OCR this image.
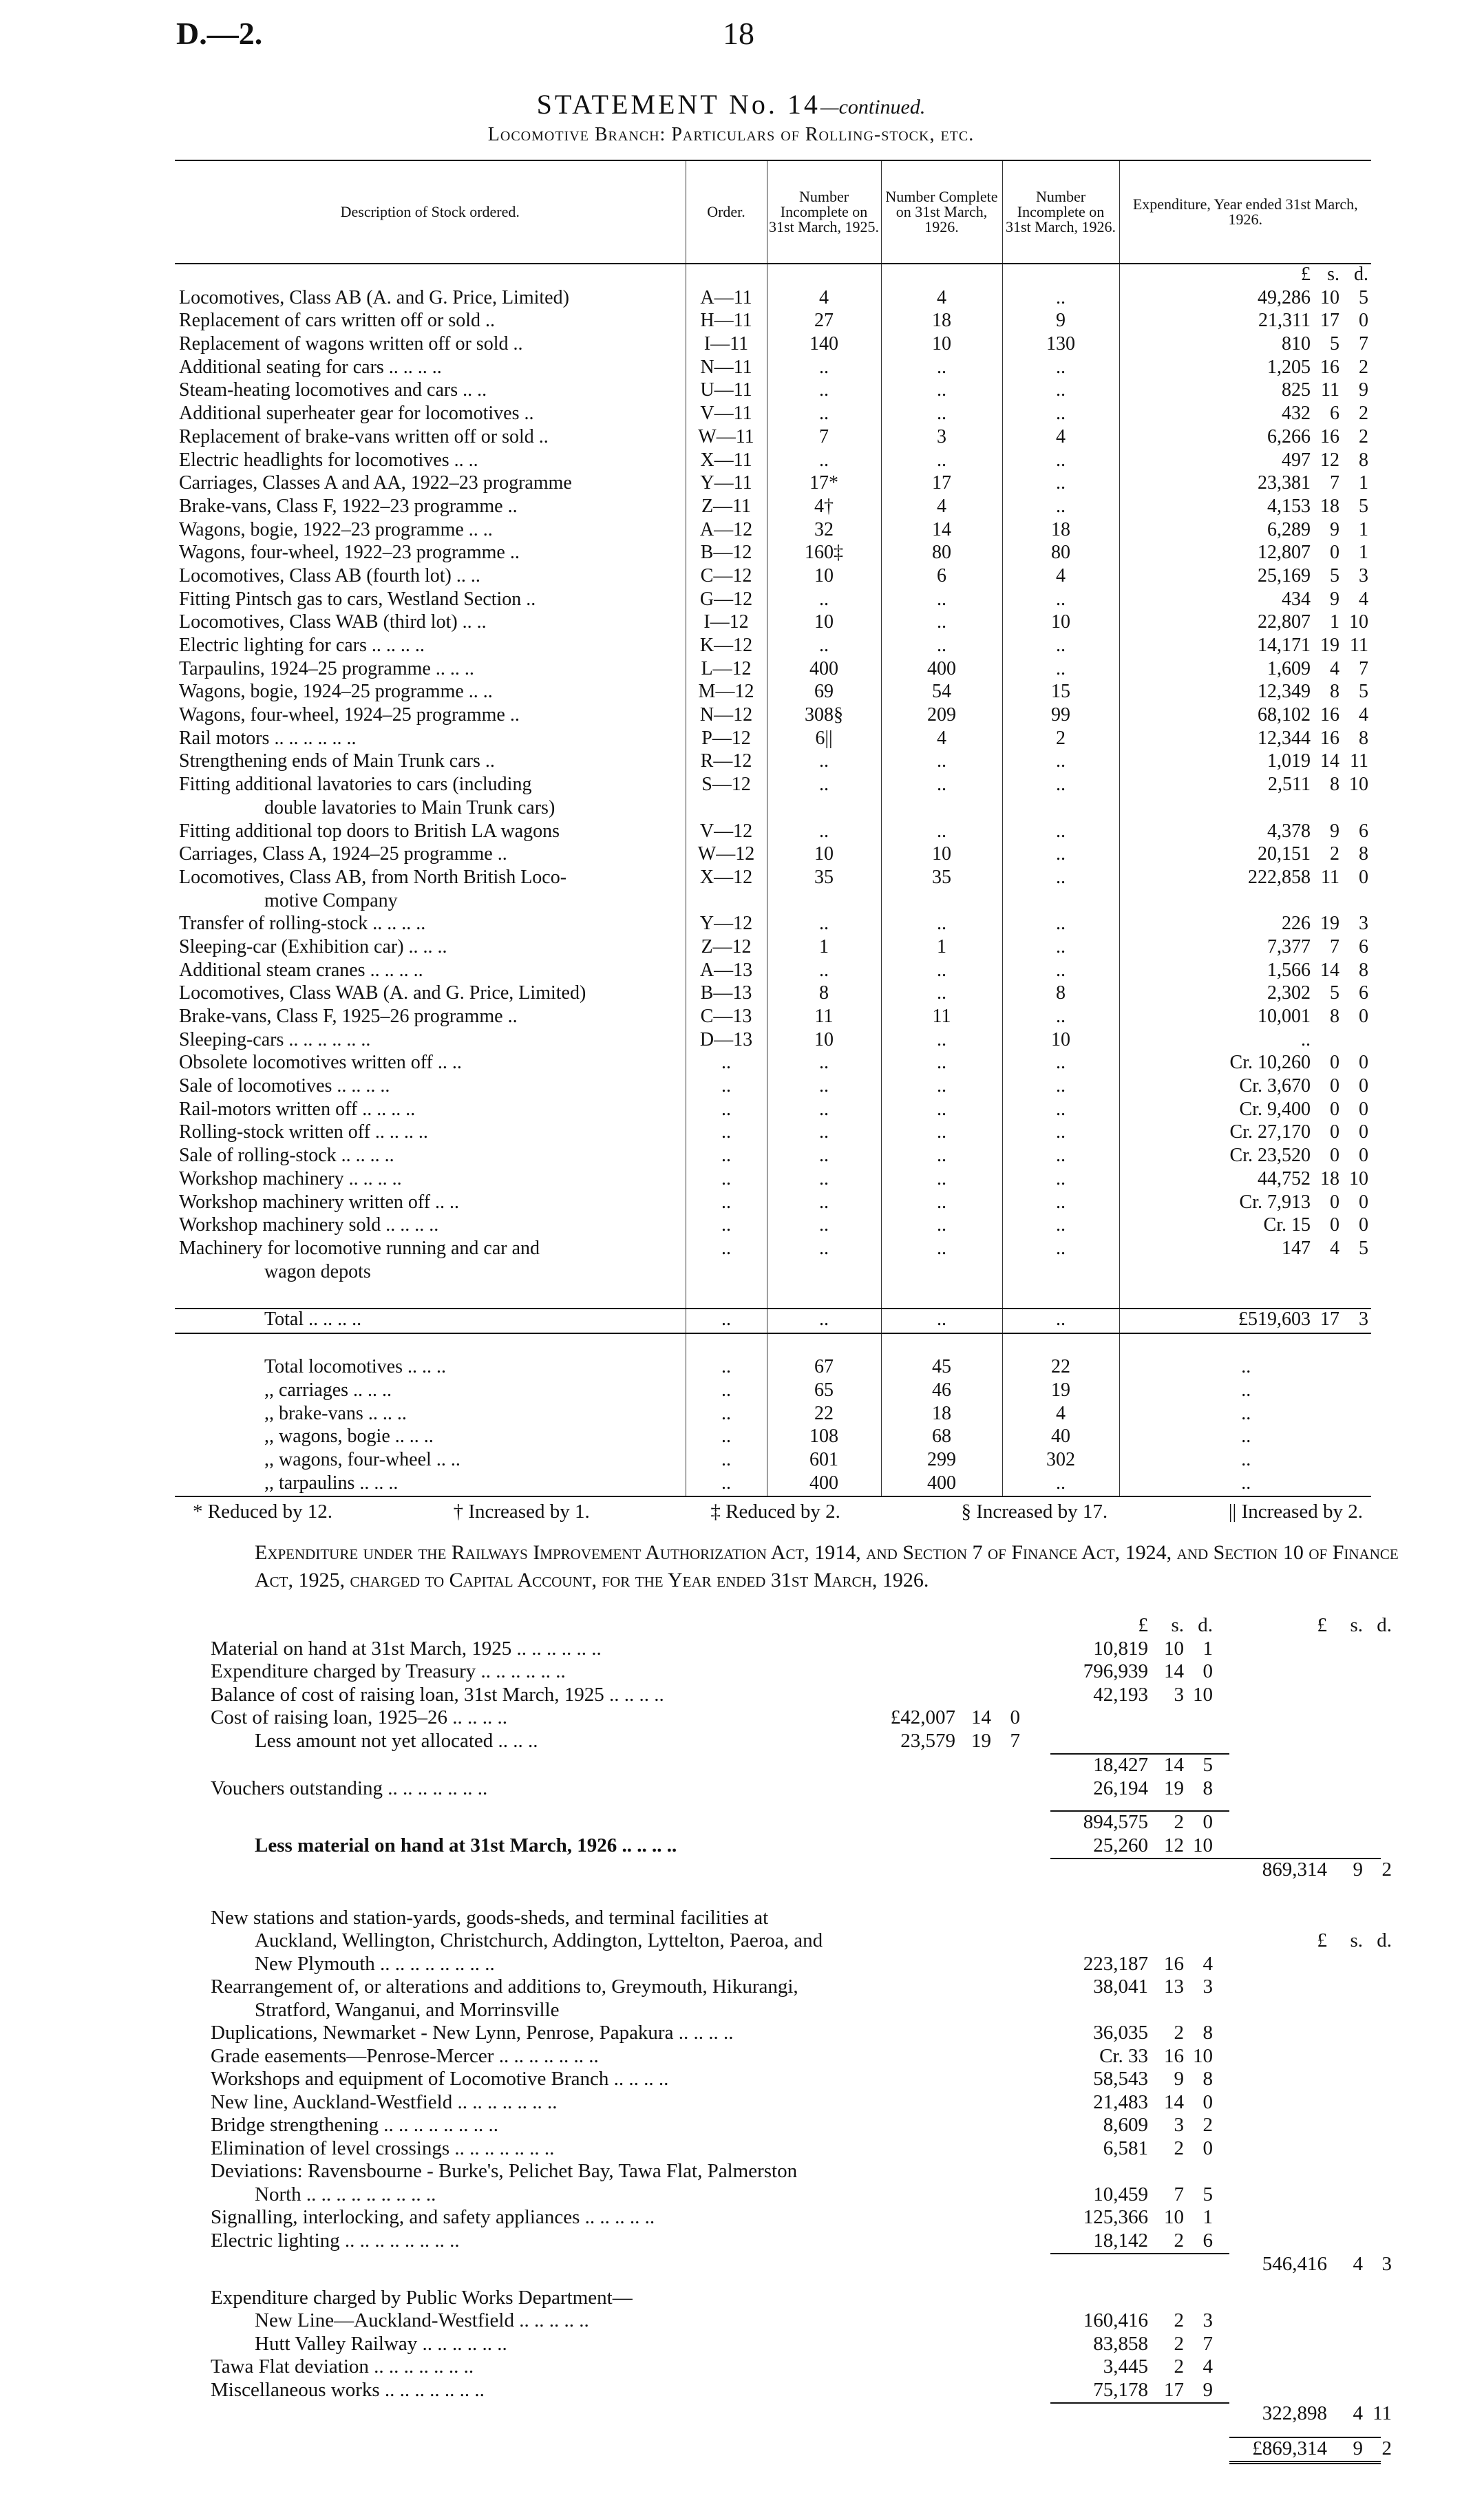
D.—2.	18
STATEMENT No. 14—continued.
Locomotive Branch: Particulars of Rolling-stock, etc.
Description of Stock ordered.	Order.	Number Incomplete on 31st March, 1925.	Number Complete on 31st March, 1926.	Number Incomplete on 31st March, 1926.	Expenditure, Year ended 31st March, 1926.
					£ s. d.
Locomotives, Class AB (A. and G. Price, Limited)	A—11	4	4	..	49,286 10 5
Replacement of cars written off or sold ..	H—11	27	18	9	21,311 17 0
Replacement of wagons written off or sold ..	I—11	140	10	130	810 5 7
Additional seating for cars .. .. .. ..	N—11	..	..	..	1,205 16 2
Steam-heating locomotives and cars .. ..	U—11	..	..	..	825 11 9
Additional superheater gear for locomotives ..	V—11	..	..	..	432 6 2
Replacement of brake-vans written off or sold ..	W—11	7	3	4	6,266 16 2
Electric headlights for locomotives .. ..	X—11	..	..	..	497 12 8
Carriages, Classes A and AA, 1922–23 programme	Y—11	17*	17	..	23,381 7 1
Brake-vans, Class F, 1922–23 programme ..	Z—11	4†	4	..	4,153 18 5
Wagons, bogie, 1922–23 programme .. ..	A—12	32	14	18	6,289 9 1
Wagons, four-wheel, 1922–23 programme ..	B—12	160‡	80	80	12,807 0 1
Locomotives, Class AB (fourth lot) .. ..	C—12	10	6	4	25,169 5 3
Fitting Pintsch gas to cars, Westland Section ..	G—12	..	..	..	434 9 4
Locomotives, Class WAB (third lot) .. ..	I—12	10	..	10	22,807 1 10
Electric lighting for cars .. .. .. ..	K—12	..	..	..	14,171 19 11
Tarpaulins, 1924–25 programme .. .. ..	L—12	400	400	..	1,609 4 7
Wagons, bogie, 1924–25 programme .. ..	M—12	69	54	15	12,349 8 5
Wagons, four-wheel, 1924–25 programme ..	N—12	308§	209	99	68,102 16 4
Rail motors .. .. .. .. .. ..	P—12	6||	4	2	12,344 16 8
Strengthening ends of Main Trunk cars ..	R—12	..	..	..	1,019 14 11
Fitting additional lavatories to cars (including	S—12	..	..	..	2,511 8 10
double lavatories to Main Trunk cars)					
Fitting additional top doors to British LA wagons	V—12	..	..	..	4,378 9 6
Carriages, Class A, 1924–25 programme ..	W—12	10	10	..	20,151 2 8
Locomotives, Class AB, from North British Loco-	X—12	35	35	..	222,858 11 0
motive Company					
Transfer of rolling-stock .. .. .. ..	Y—12	..	..	..	226 19 3
Sleeping-car (Exhibition car) .. .. ..	Z—12	1	1	..	7,377 7 6
Additional steam cranes .. .. .. ..	A—13	..	..	..	1,566 14 8
Locomotives, Class WAB (A. and G. Price, Limited)	B—13	8	..	8	2,302 5 6
Brake-vans, Class F, 1925–26 programme ..	C—13	11	11	..	10,001 8 0
Sleeping-cars .. .. .. .. .. ..	D—13	10	..	10	..
Obsolete locomotives written off .. ..	..	..	..	..	Cr. 10,260 0 0
Sale of locomotives .. .. .. ..	..	..	..	..	Cr. 3,670 0 0
Rail-motors written off .. .. .. ..	..	..	..	..	Cr. 9,400 0 0
Rolling-stock written off .. .. .. ..	..	..	..	..	Cr. 27,170 0 0
Sale of rolling-stock .. .. .. ..	..	..	..	..	Cr. 23,520 0 0
Workshop machinery .. .. .. ..	..	..	..	..	44,752 18 10
Workshop machinery written off .. ..	..	..	..	..	Cr. 7,913 0 0
Workshop machinery sold .. .. .. ..	..	..	..	..	Cr. 15 0 0
Machinery for locomotive running and car and	..	..	..	..	147 4 5
wagon depots					

Total .. .. .. ..	..	..	..	..	£519,603 17 3

Total locomotives .. .. ..	..	67	45	22	..
,, carriages .. .. ..	..	65	46	19	..
,, brake-vans .. .. ..	..	22	18	4	..
,, wagons, bogie .. .. ..	..	108	68	40	..
,, wagons, four-wheel .. ..	..	601	299	302	..
,, tarpaulins .. .. ..	..	400	400	..	..
* Reduced by 12.	† Increased by 1.	‡ Reduced by 2.	§ Increased by 17.	|| Increased by 2.
Expenditure under the Railways Improvement Authorization Act, 1914, and Section 7 of Finance Act, 1924, and Section 10 of Finance Act, 1925, charged to Capital Account, for the Year ended 31st March, 1926.
		£ s. d.	£ s. d.
Material on hand at 31st March, 1925 .. .. .. .. .. ..		10,819 10 1	
Expenditure charged by Treasury .. .. .. .. .. ..		796,939 14 0	
Balance of cost of raising loan, 31st March, 1925 .. .. .. ..		42,193 3 10	
Cost of raising loan, 1925–26 .. .. .. ..	£42,007 14 0		
Less amount not yet allocated .. .. ..	23,579 19 7		
		18,427 14 5	
Vouchers outstanding .. .. .. .. .. .. ..		26,194 19 8	

		894,575 2 0	
Less material on hand at 31st March, 1926 .. .. .. ..		25,260 12 10	
			869,314 9 2

New stations and station-yards, goods-sheds, and terminal facilities at			
Auckland, Wellington, Christchurch, Addington, Lyttelton, Paeroa, and			£ s. d.
New Plymouth .. .. .. .. .. .. .. ..		223,187 16 4	
Rearrangement of, or alterations and additions to, Greymouth, Hikurangi,		38,041 13 3	
Stratford, Wanganui, and Morrinsville			
Duplications, Newmarket - New Lynn, Penrose, Papakura .. .. .. ..		36,035 2 8	
Grade easements—Penrose-Mercer .. .. .. .. .. .. ..		Cr. 33 16 10	
Workshops and equipment of Locomotive Branch .. .. .. ..		58,543 9 8	
New line, Auckland-Westfield .. .. .. .. .. .. ..		21,483 14 0	
Bridge strengthening .. .. .. .. .. .. .. ..		8,609 3 2	
Elimination of level crossings .. .. .. .. .. .. ..		6,581 2 0	
Deviations: Ravensbourne - Burke's, Pelichet Bay, Tawa Flat, Palmerston			
North .. .. .. .. .. .. .. .. ..		10,459 7 5	
Signalling, interlocking, and safety appliances .. .. .. .. ..		125,366 10 1	
Electric lighting .. .. .. .. .. .. .. ..		18,142 2 6	
			546,416 4 3

Expenditure charged by Public Works Department—			
New Line—Auckland-Westfield .. .. .. .. ..		160,416 2 3	
Hutt Valley Railway .. .. .. .. .. ..		83,858 2 7	
Tawa Flat deviation .. .. .. .. .. .. ..		3,445 2 4	
Miscellaneous works .. .. .. .. .. .. ..		75,178 17 9	
			322,898 4 11

			£869,314 9 2
